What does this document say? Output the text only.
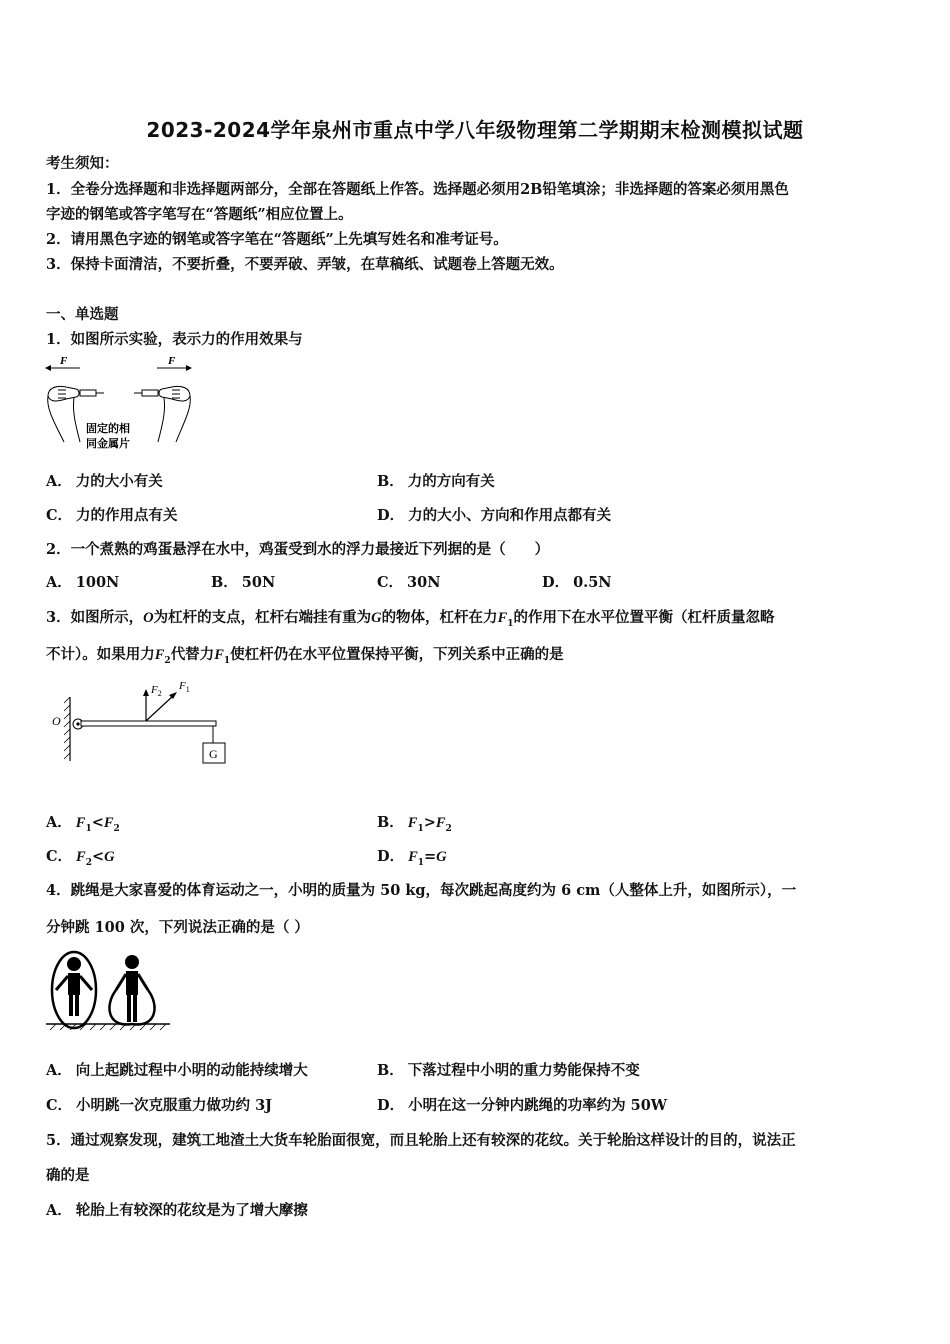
2023-2024学年泉州市重点中学八年级物理第二学期期末检测模拟试题
考生须知：
1．全卷分选择题和非选择题两部分，全部在答题纸上作答。选择题必须用2B铅笔填涂；非选择题的答案必须用黑色
字迹的钢笔或答字笔写在“答题纸”相应位置上。
2．请用黑色字迹的钢笔或答字笔在“答题纸”上先填写姓名和准考证号。
3．保持卡面清洁，不要折叠，不要弄破、弄皱，在草稿纸、试题卷上答题无效。
一、单选题
1．如图所示实验，表示力的作用效果与
F	F
固定的相
同金属片
A． 力的大小有关	B． 力的方向有关
C． 力的作用点有关	D． 力的大小、方向和作用点都有关
2．一个煮熟的鸡蛋悬浮在水中，鸡蛋受到水的浮力最接近下列据的是（　　）
A． 100N	B． 50N	C． 30N	D． 0.5N
3．如图所示，O为杠杆的支点，杠杆右端挂有重为G的物体，杠杆在力$F_1$的作用下在水平位置平衡（杠杆质量忽略
不计）。如果用力$F_2$代替力$F_1$使杠杆仍在水平位置保持平衡，下列关系中正确的是
O
G
$F_2$
$F_1$
A． $F_1<F_2$	B． $F_1>F_2$
C． $F_2<G$	D． $F_1=G$
4．跳绳是大家喜爱的体育运动之一，小明的质量为 50 kg，每次跳起高度约为 6 cm（人整体上升，如图所示），一
分钟跳 100 次，下列说法正确的是（ ）
A． 向上起跳过程中小明的动能持续增大	B． 下落过程中小明的重力势能保持不变
C． 小明跳一次克服重力做功约 3J	D． 小明在这一分钟内跳绳的功率约为 50W
5．通过观察发现，建筑工地渣土大货车轮胎面很宽，而且轮胎上还有较深的花纹。关于轮胎这样设计的目的，说法正
确的是
A． 轮胎上有较深的花纹是为了增大摩擦
